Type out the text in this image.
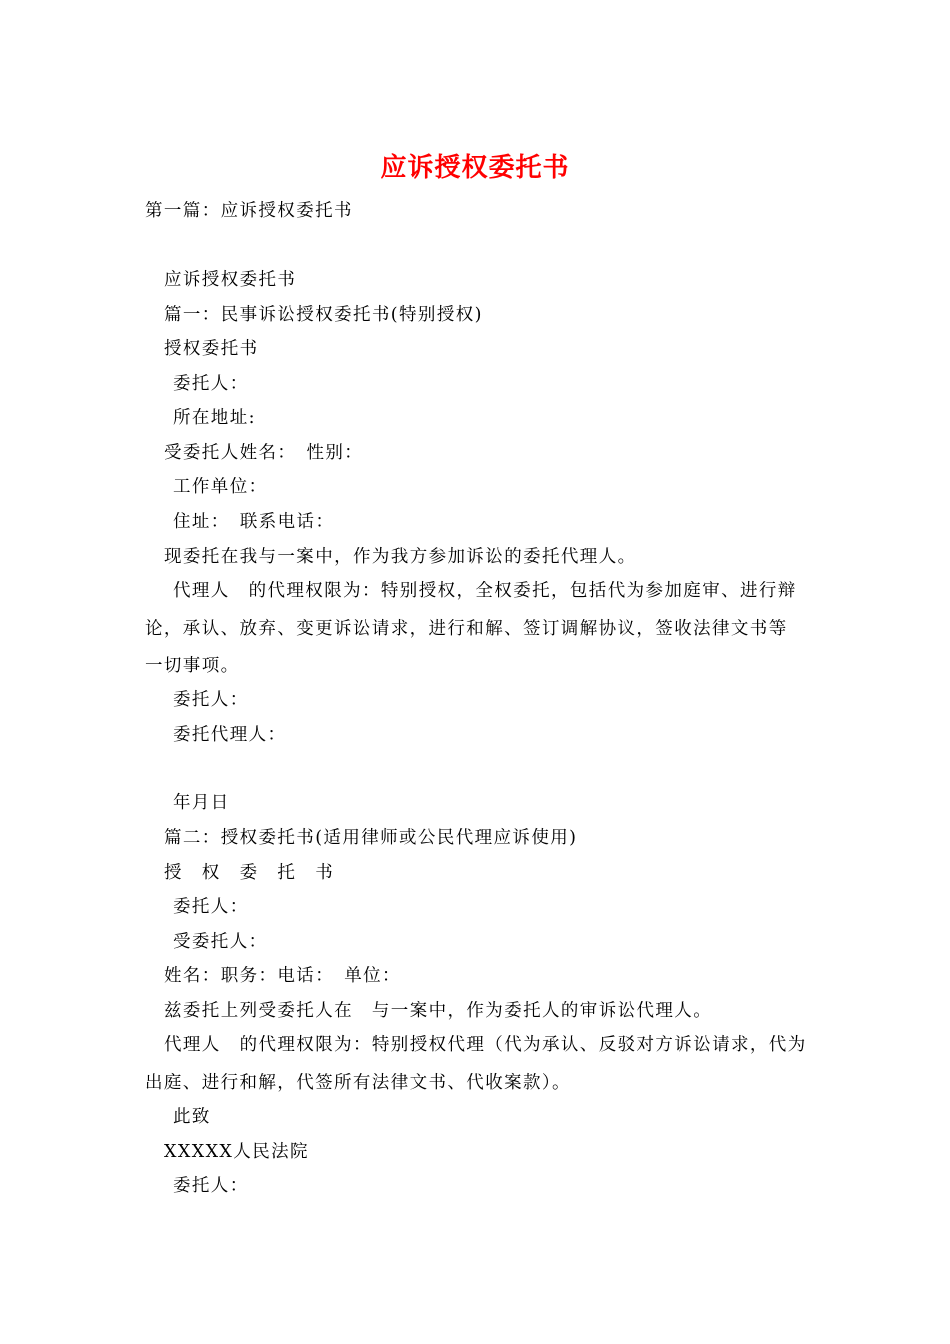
应诉授权委托书
第一篇：应诉授权委托书
应诉授权委托书
篇一：民事诉讼授权委托书(特别授权)
授权委托书
委托人：
所在地址:
受委托人姓名：　性别：
工作单位：
住址：　联系电话：
现委托在我与一案中，作为我方参加诉讼的委托代理人。
代理人　的代理权限为：特别授权，全权委托，包括代为参加庭审、进行辩
论，承认、放弃、变更诉讼请求，进行和解、签订调解协议，签收法律文书等
一切事项。
委托人：
委托代理人：
年月日
篇二：授权委托书(适用律师或公民代理应诉使用)
授　权　委　托　书
委托人：
受委托人：
姓名：职务：电话：　单位：
兹委托上列受委托人在　与一案中，作为委托人的审诉讼代理人。
代理人　的代理权限为：特别授权代理（代为承认、反驳对方诉讼请求，代为
出庭、进行和解，代签所有法律文书、代收案款）。
此致
XXXXX人民法院
委托人：
